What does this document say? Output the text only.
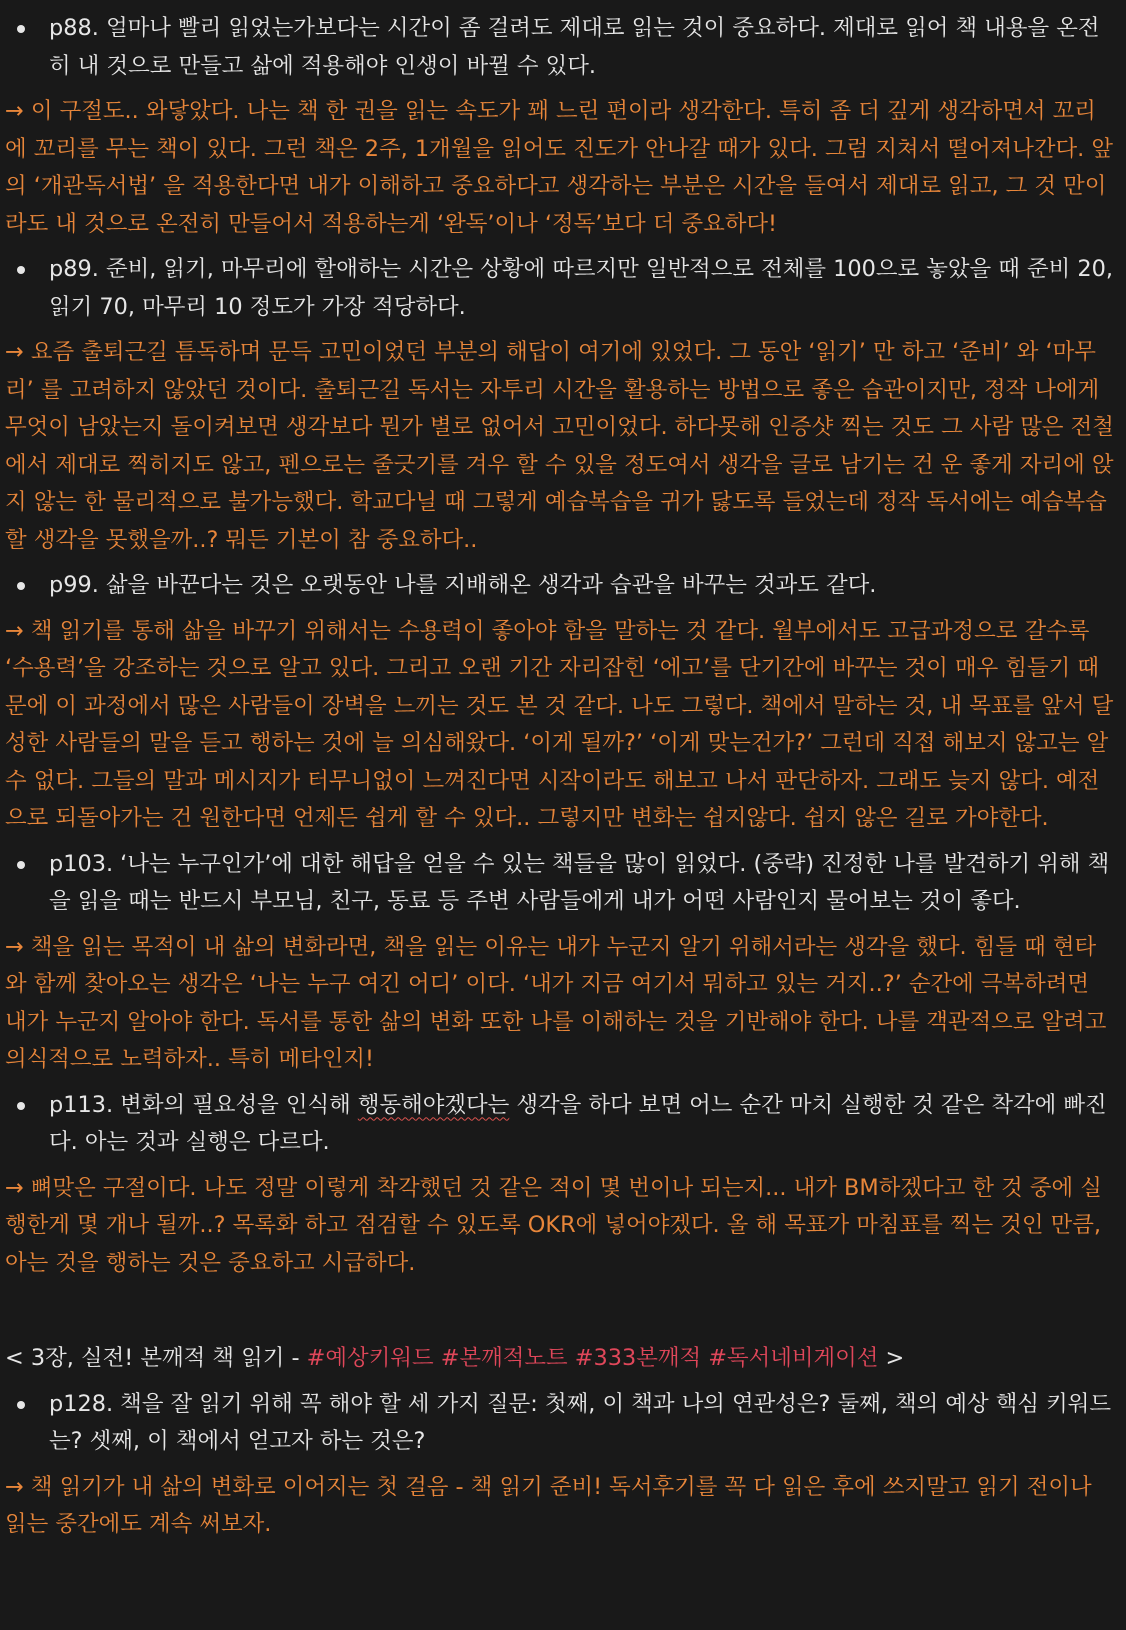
p88. 얼마나 빨리 읽었는가보다는 시간이 좀 걸려도 제대로 읽는 것이 중요하다. 제대로 읽어 책 내용을 온전히 내 것으로 만들고 삶에 적용해야 인생이 바뀔 수 있다.
→ 이 구절도.. 와닿았다. 나는 책 한 권을 읽는 속도가 꽤 느린 편이라 생각한다. 특히 좀 더 깊게 생각하면서 꼬리에 꼬리를 무는 책이 있다. 그런 책은 2주, 1개월을 읽어도 진도가 안나갈 때가 있다. 그럼 지쳐서 떨어져나간다. 앞의 ‘개관독서법’ 을 적용한다면 내가 이해하고 중요하다고 생각하는 부분은 시간을 들여서 제대로 읽고, 그 것 만이라도 내 것으로 온전히 만들어서 적용하는게 ‘완독’이나 ‘정독’보다 더 중요하다!
p89. 준비, 읽기, 마무리에 할애하는 시간은 상황에 따르지만 일반적으로 전체를 100으로 놓았을 때 준비 20, 읽기 70, 마무리 10 정도가 가장 적당하다.
→ 요즘 출퇴근길 틈독하며 문득 고민이었던 부분의 해답이 여기에 있었다. 그 동안 ‘읽기’ 만 하고 ‘준비’ 와 ‘마무리’ 를 고려하지 않았던 것이다. 출퇴근길 독서는 자투리 시간을 활용하는 방법으로 좋은 습관이지만, 정작 나에게 무엇이 남았는지 돌이켜보면 생각보다 뭔가 별로 없어서 고민이었다. 하다못해 인증샷 찍는 것도 그 사람 많은 전철에서 제대로 찍히지도 않고, 펜으로는 줄긋기를 겨우 할 수 있을 정도여서 생각을 글로 남기는 건 운 좋게 자리에 앉지 않는 한 물리적으로 불가능했다. 학교다닐 때 그렇게 예습복습을 귀가 닳도록 들었는데 정작 독서에는 예습복습할 생각을 못했을까..? 뭐든 기본이 참 중요하다..
p99. 삶을 바꾼다는 것은 오랫동안 나를 지배해온 생각과 습관을 바꾸는 것과도 같다.
→ 책 읽기를 통해 삶을 바꾸기 위해서는 수용력이 좋아야 함을 말하는 것 같다. 월부에서도 고급과정으로 갈수록 ‘수용력’을 강조하는 것으로 알고 있다. 그리고 오랜 기간 자리잡힌 ‘에고’를 단기간에 바꾸는 것이 매우 힘들기 때문에 이 과정에서 많은 사람들이 장벽을 느끼는 것도 본 것 같다. 나도 그렇다. 책에서 말하는 것, 내 목표를 앞서 달성한 사람들의 말을 듣고 행하는 것에 늘 의심해왔다. ‘이게 될까?’ ‘이게 맞는건가?’ 그런데 직접 해보지 않고는 알 수 없다. 그들의 말과 메시지가 터무니없이 느껴진다면 시작이라도 해보고 나서 판단하자. 그래도 늦지 않다. 예전으로 되돌아가는 건 원한다면 언제든 쉽게 할 수 있다.. 그렇지만 변화는 쉽지않다. 쉽지 않은 길로 가야한다.
p103. ‘나는 누구인가’에 대한 해답을 얻을 수 있는 책들을 많이 읽었다. (중략) 진정한 나를 발견하기 위해 책을 읽을 때는 반드시 부모님, 친구, 동료 등 주변 사람들에게 내가 어떤 사람인지 물어보는 것이 좋다.
→ 책을 읽는 목적이 내 삶의 변화라면, 책을 읽는 이유는 내가 누군지 알기 위해서라는 생각을 했다. 힘들 때 현타와 함께 찾아오는 생각은 ‘나는 누구 여긴 어디’ 이다. ‘내가 지금 여기서 뭐하고 있는 거지..?’ 순간에 극복하려면 내가 누군지 알아야 한다. 독서를 통한 삶의 변화 또한 나를 이해하는 것을 기반해야 한다. 나를 객관적으로 알려고 의식적으로 노력하자.. 특히 메타인지!
p113. 변화의 필요성을 인식해 행동해야겠다는 생각을 하다 보면 어느 순간 마치 실행한 것 같은 착각에 빠진다. 아는 것과 실행은 다르다.
→ 뼈맞은 구절이다. 나도 정말 이렇게 착각했던 것 같은 적이 몇 번이나 되는지... 내가 BM하겠다고 한 것 중에 실행한게 몇 개나 될까..? 목록화 하고 점검할 수 있도록 OKR에 넣어야겠다. 올 해 목표가 마침표를 찍는 것인 만큼, 아는 것을 행하는 것은 중요하고 시급하다.
< 3장, 실전! 본깨적 책 읽기 - #예상키워드 #본깨적노트 #333본깨적 #독서네비게이션 >
p128. 책을 잘 읽기 위해 꼭 해야 할 세 가지 질문: 첫째, 이 책과 나의 연관성은? 둘째, 책의 예상 핵심 키워드는? 셋째, 이 책에서 얻고자 하는 것은?
→ 책 읽기가 내 삶의 변화로 이어지는 첫 걸음 - 책 읽기 준비! 독서후기를 꼭 다 읽은 후에 쓰지말고 읽기 전이나 읽는 중간에도 계속 써보자.
